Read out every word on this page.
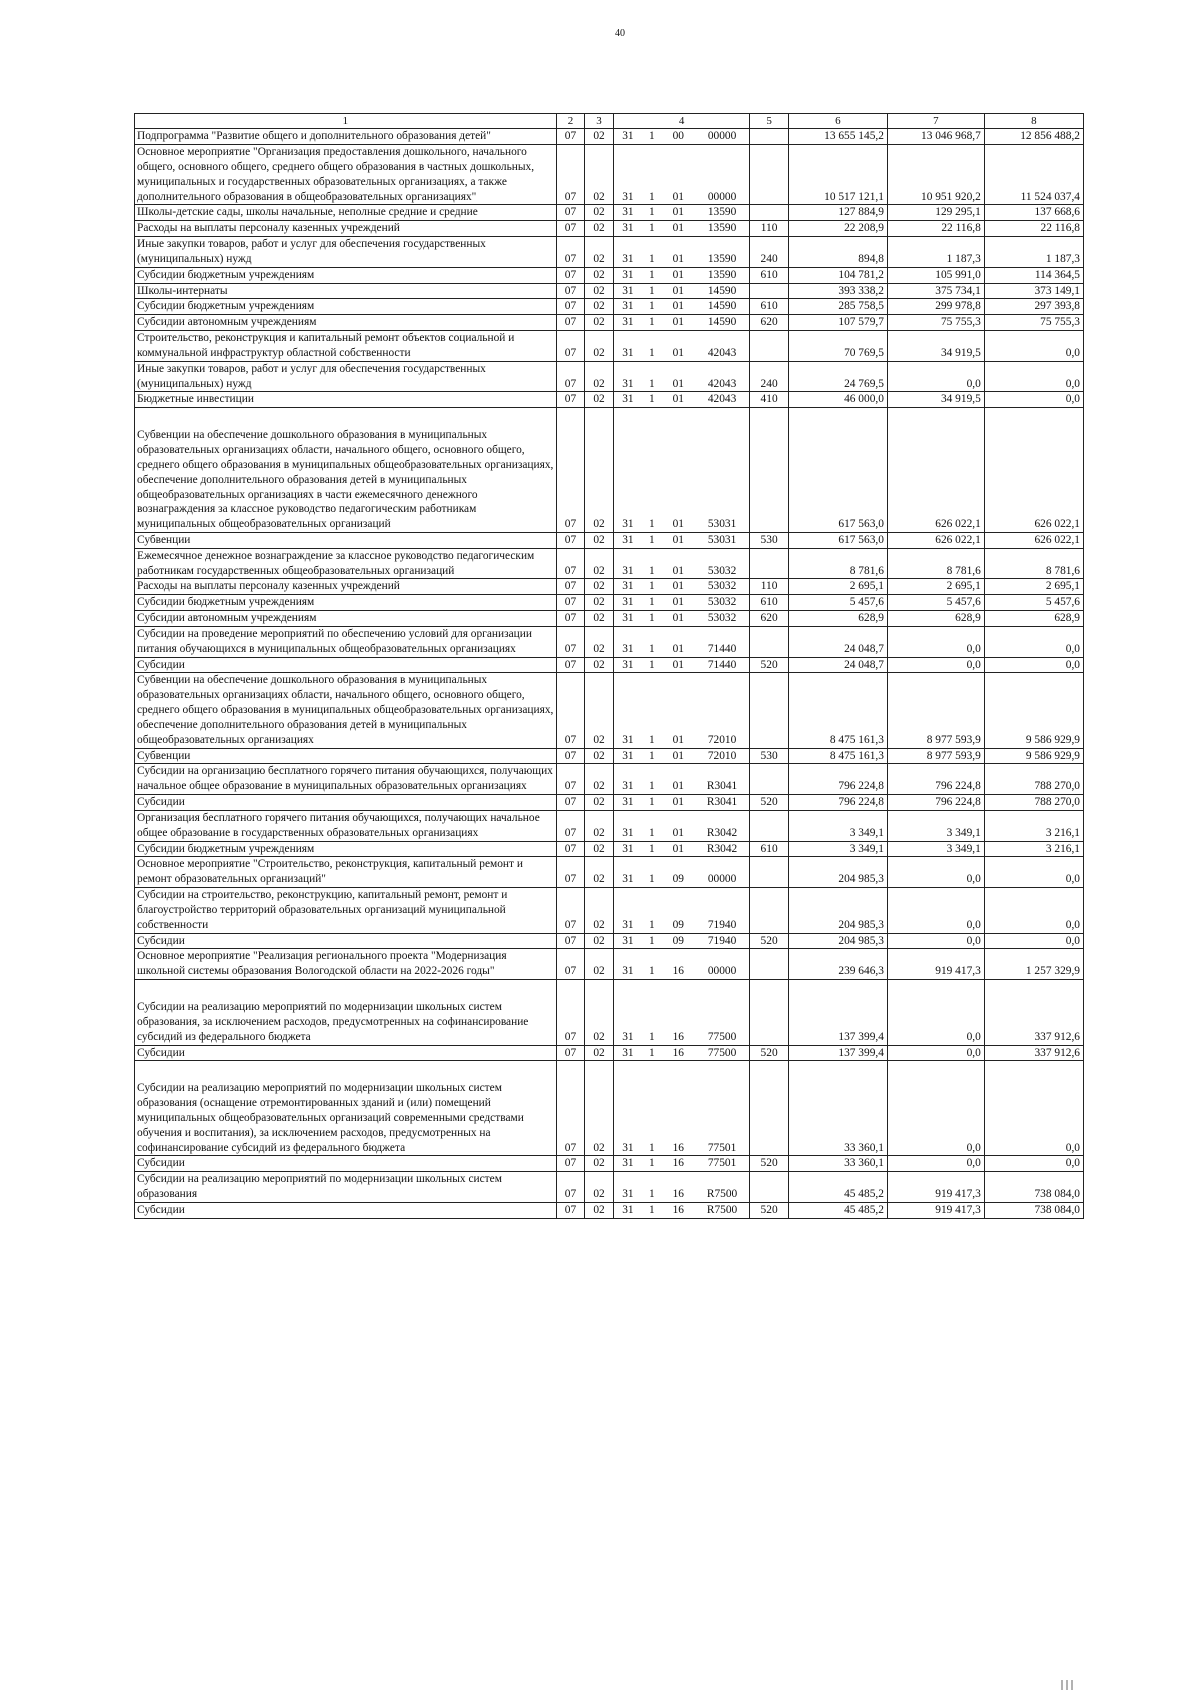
40
1	2	3	4				5	6	7	8
Подпрограмма "Развитие общего и дополнительного образования детей"	07	02	31	1	00	00000		13 655 145,2	13 046 968,7	12 856 488,2
Основное мероприятие "Организация предоставления дошкольного, начального общего, основного общего, среднего общего образования в частных дошкольных, муниципальных и государственных образовательных организациях, а также дополнительного образования в общеобразовательных организациях"	07	02	31	1	01	00000		10 517 121,1	10 951 920,2	11 524 037,4
Школы-детские сады, школы начальные, неполные средние и средние	07	02	31	1	01	13590		127 884,9	129 295,1	137 668,6
Расходы на выплаты персоналу казенных учреждений	07	02	31	1	01	13590	110	22 208,9	22 116,8	22 116,8
Иные закупки товаров, работ и услуг для обеспечения государственных (муниципальных) нужд	07	02	31	1	01	13590	240	894,8	1 187,3	1 187,3
Субсидии бюджетным учреждениям	07	02	31	1	01	13590	610	104 781,2	105 991,0	114 364,5
Школы-интернаты	07	02	31	1	01	14590		393 338,2	375 734,1	373 149,1
Субсидии бюджетным учреждениям	07	02	31	1	01	14590	610	285 758,5	299 978,8	297 393,8
Субсидии автономным учреждениям	07	02	31	1	01	14590	620	107 579,7	75 755,3	75 755,3
Строительство, реконструкция и капитальный ремонт объектов социальной и коммунальной инфраструктур областной собственности	07	02	31	1	01	42043		70 769,5	34 919,5	0,0
Иные закупки товаров, работ и услуг для обеспечения государственных (муниципальных) нужд	07	02	31	1	01	42043	240	24 769,5	0,0	0,0
Бюджетные инвестиции	07	02	31	1	01	42043	410	46 000,0	34 919,5	0,0
Субвенции на обеспечение дошкольного образования в муниципальных образовательных организациях области, начального общего, основного общего, среднего общего образования в муниципальных общеобразовательных организациях, обеспечение дополнительного образования детей в муниципальных общеобразовательных организациях в части ежемесячного денежного вознаграждения за классное руководство педагогическим работникам муниципальных общеобразовательных организаций	07	02	31	1	01	53031		617 563,0	626 022,1	626 022,1
Субвенции	07	02	31	1	01	53031	530	617 563,0	626 022,1	626 022,1
Ежемесячное денежное вознаграждение за классное руководство педагогическим работникам государственных общеобразовательных организаций	07	02	31	1	01	53032		8 781,6	8 781,6	8 781,6
Расходы на выплаты персоналу казенных учреждений	07	02	31	1	01	53032	110	2 695,1	2 695,1	2 695,1
Субсидии бюджетным учреждениям	07	02	31	1	01	53032	610	5 457,6	5 457,6	5 457,6
Субсидии автономным учреждениям	07	02	31	1	01	53032	620	628,9	628,9	628,9
Субсидии на проведение мероприятий по обеспечению условий для организации питания обучающихся в муниципальных общеобразовательных организациях	07	02	31	1	01	71440		24 048,7	0,0	0,0
Субсидии	07	02	31	1	01	71440	520	24 048,7	0,0	0,0
Субвенции на обеспечение дошкольного образования в муниципальных образовательных организациях области, начального общего, основного общего, среднего общего образования в муниципальных общеобразовательных организациях, обеспечение дополнительного образования детей в муниципальных общеобразовательных организациях	07	02	31	1	01	72010		8 475 161,3	8 977 593,9	9 586 929,9
Субвенции	07	02	31	1	01	72010	530	8 475 161,3	8 977 593,9	9 586 929,9
Субсидии на организацию бесплатного горячего питания обучающихся, получающих начальное общее образование в муниципальных образовательных организациях	07	02	31	1	01	R3041		796 224,8	796 224,8	788 270,0
Субсидии	07	02	31	1	01	R3041	520	796 224,8	796 224,8	788 270,0
Организация бесплатного горячего питания обучающихся, получающих начальное общее образование в государственных образовательных организациях	07	02	31	1	01	R3042		3 349,1	3 349,1	3 216,1
Субсидии бюджетным учреждениям	07	02	31	1	01	R3042	610	3 349,1	3 349,1	3 216,1
Основное мероприятие "Строительство, реконструкция, капитальный ремонт и ремонт образовательных организаций"	07	02	31	1	09	00000		204 985,3	0,0	0,0
Субсидии на строительство, реконструкцию, капитальный ремонт, ремонт и благоустройство территорий образовательных организаций муниципальной собственности	07	02	31	1	09	71940		204 985,3	0,0	0,0
Субсидии	07	02	31	1	09	71940	520	204 985,3	0,0	0,0
Основное мероприятие "Реализация регионального проекта "Модернизация школьной системы образования Вологодской области на 2022-2026 годы"	07	02	31	1	16	00000		239 646,3	919 417,3	1 257 329,9
Субсидии на реализацию мероприятий по модернизации школьных систем образования, за исключением расходов, предусмотренных на софинансирование субсидий из федерального бюджета	07	02	31	1	16	77500		137 399,4	0,0	337 912,6
Субсидии	07	02	31	1	16	77500	520	137 399,4	0,0	337 912,6
Субсидии на реализацию мероприятий по модернизации школьных систем образования (оснащение отремонтированных зданий и (или) помещений муниципальных общеобразовательных организаций современными средствами обучения и воспитания), за исключением расходов, предусмотренных на софинансирование субсидий из федерального бюджета	07	02	31	1	16	77501		33 360,1	0,0	0,0
Субсидии	07	02	31	1	16	77501	520	33 360,1	0,0	0,0
Субсидии на реализацию мероприятий по модернизации школьных систем образования	07	02	31	1	16	R7500		45 485,2	919 417,3	738 084,0
Субсидии	07	02	31	1	16	R7500	520	45 485,2	919 417,3	738 084,0
